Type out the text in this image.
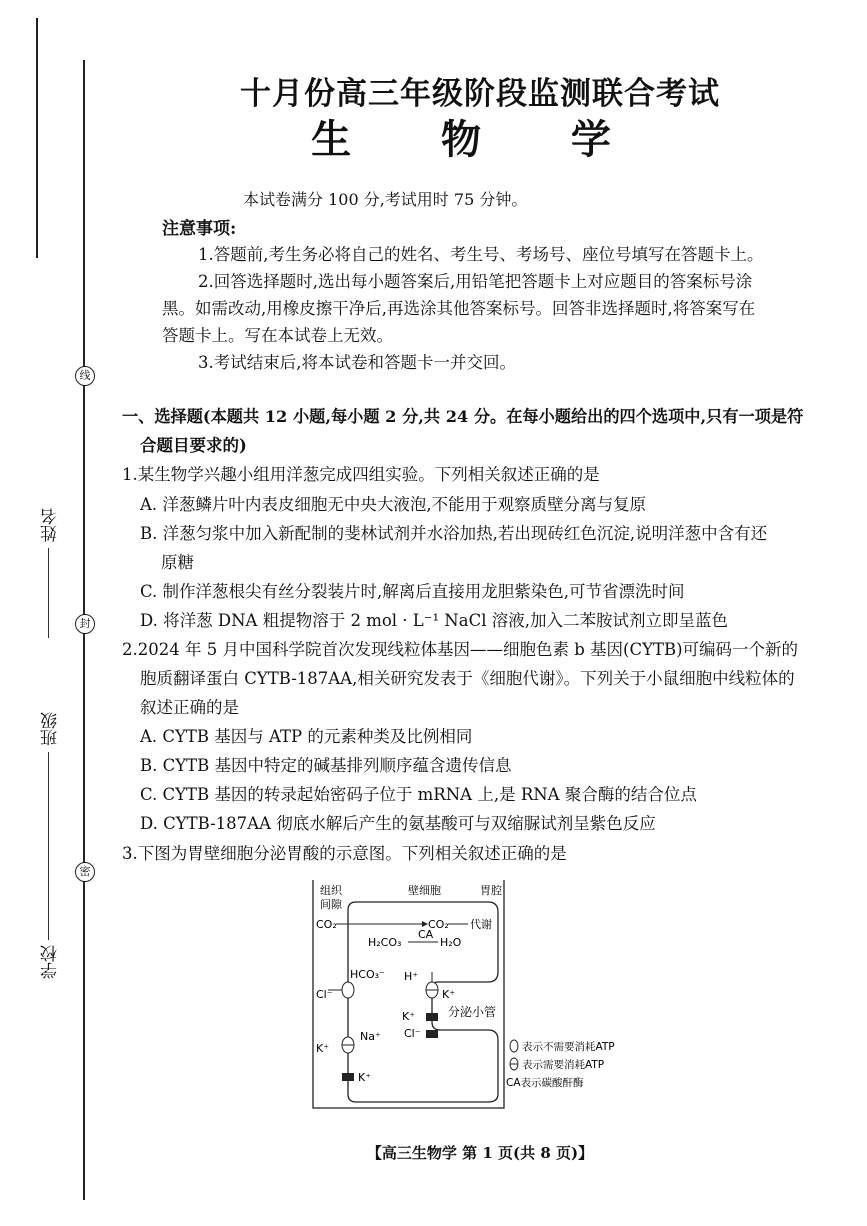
线
封
密
姓名
班级
学校
十月份高三年级阶段监测联合考试
生 物 学
本试卷满分 100 分,考试用时 75 分钟。
注意事项:
1.答题前,考生务必将自己的姓名、考生号、考场号、座位号填写在答题卡上。
2.回答选择题时,选出每小题答案后,用铅笔把答题卡上对应题目的答案标号涂
黑。如需改动,用橡皮擦干净后,再选涂其他答案标号。回答非选择题时,将答案写在
答题卡上。写在本试卷上无效。
3.考试结束后,将本试卷和答题卡一并交回。
一、选择题(本题共 12 小题,每小题 2 分,共 24 分。在每小题给出的四个选项中,只有一项是符
合题目要求的)
1.某生物学兴趣小组用洋葱完成四组实验。下列相关叙述正确的是
A. 洋葱鳞片叶内表皮细胞无中央大液泡,不能用于观察质壁分离与复原
B. 洋葱匀浆中加入新配制的斐林试剂并水浴加热,若出现砖红色沉淀,说明洋葱中含有还
原糖
C. 制作洋葱根尖有丝分裂装片时,解离后直接用龙胆紫染色,可节省漂洗时间
D. 将洋葱 DNA 粗提物溶于 2 mol · L⁻¹ NaCl 溶液,加入二苯胺试剂立即呈蓝色
2.2024 年 5 月中国科学院首次发现线粒体基因——细胞色素 b 基因(CYTB)可编码一个新的
胞质翻译蛋白 CYTB-187AA,相关研究发表于《细胞代谢》。下列关于小鼠细胞中线粒体的
叙述正确的是
A. CYTB 基因与 ATP 的元素种类及比例相同
B. CYTB 基因中特定的碱基排列顺序蕴含遗传信息
C. CYTB 基因的转录起始密码子位于 mRNA 上,是 RNA 聚合酶的结合位点
D. CYTB-187AA 彻底水解后产生的氨基酸可与双缩脲试剂呈紫色反应
3.下图为胃壁细胞分泌胃酸的示意图。下列相关叙述正确的是
组织
间隙
壁细胞	胃腔
CO₂	CO₂ 代谢
H₂CO₃
CA
H₂O
HCO₃⁻ H⁺
Cl⁻	K⁺
K⁺
Cl⁻
分泌小管
Na⁺
K⁺
K⁺
表示不需要消耗ATP
表示需要消耗ATP
CA表示碳酸酐酶
【高三生物学 第 1 页(共 8 页)】
